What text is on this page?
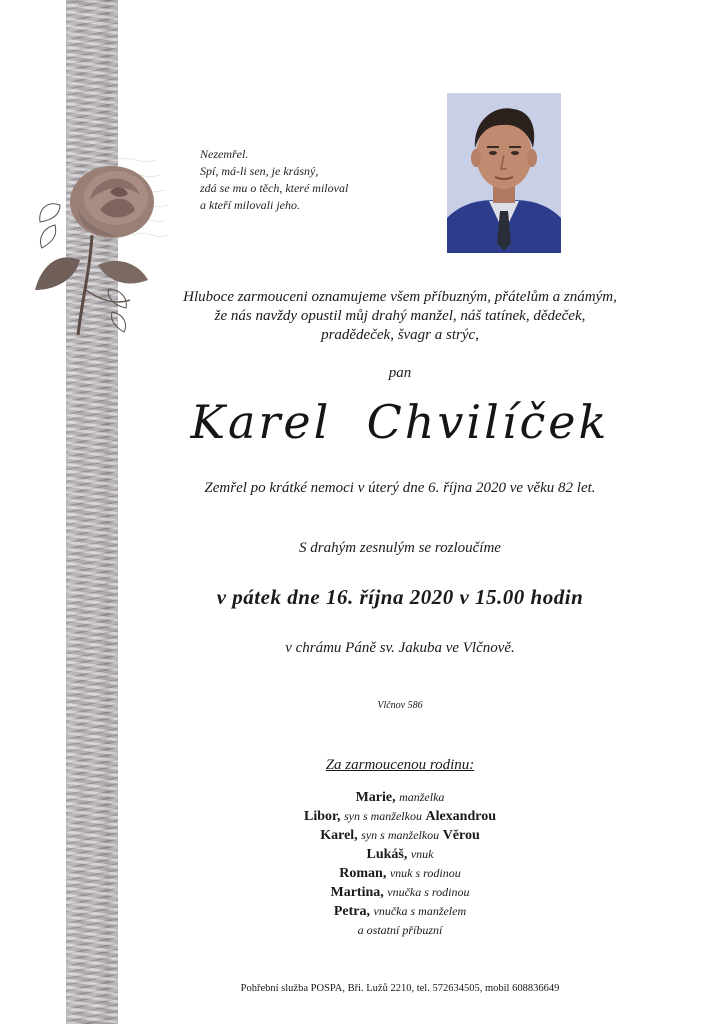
Nezemřel.
Spí, má-li sen, je krásný,
zdá se mu o těch, které miloval
a kteří milovali jeho.
Hluboce zarmouceni oznamujeme všem příbuzným, přátelům a známým,
že nás navždy opustil můj drahý manžel, náš tatínek, dědeček,
pradědeček, švagr a strýc,
pan
Karel  Chvilíček
Zemřel po krátké nemoci v úterý dne 6. října 2020 ve věku 82 let.
S drahým zesnulým se rozloučíme
v pátek dne 16. října 2020 v 15.00 hodin
v chrámu Páně sv. Jakuba ve Vlčnově.
Vlčnov 586
Za zarmoucenou rodinu:
Marie, manželka
Libor, syn s manželkou Alexandrou
Karel, syn s manželkou Věrou
Lukáš, vnuk
Roman, vnuk s rodinou
Martina, vnučka s rodinou
Petra, vnučka s manželem
a ostatní příbuzní
Pohřební služba POSPA, Bři. Lužů 2210, tel. 572634505, mobil 608836649
